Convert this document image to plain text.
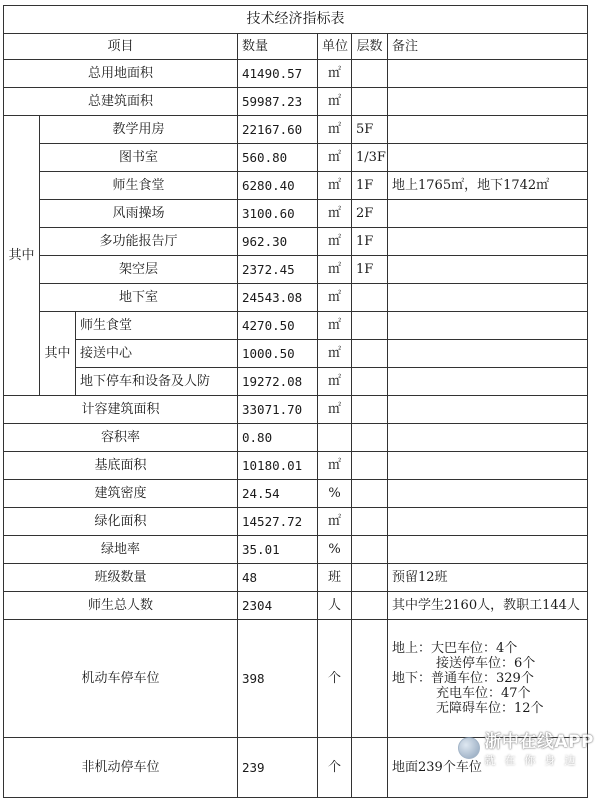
技术经济指标表						
项目			数量	单位	层数	备注
总用地面积			41490.57	㎡		
总建筑面积			59987.23	㎡		
其中	教学用房		22167.60	㎡	5F	
	图书室		560.80	㎡	1/3F	
	师生食堂		6280.40	㎡	1F	地上1765㎡，地下1742㎡
	风雨操场		3100.60	㎡	2F	
	多功能报告厅		962.30	㎡	1F	
	架空层		2372.45	㎡	1F	
	地下室		24543.08	㎡		
	其中	师生食堂	4270.50	㎡		
		接送中心	1000.50	㎡		
		地下停车和设备及人防	19272.08	㎡		
计容建筑面积			33071.70	㎡		
容积率			0.80			
基底面积			10180.01	㎡		
建筑密度			24.54	%		
绿化面积			14527.72	㎡		
绿地率			35.01	%		
班级数量			48	班		预留12班
师生总人数			2304	人		其中学生2160人，教职工144人
机动车停车位			398	个		地上：大巴车位：4个
接送停车位：6个
地下：普通车位：329个
充电车位：47个
无障碍车位：12个

非机动停车位			239	个		地面239个车位
浙中在线APP
就在你身边
